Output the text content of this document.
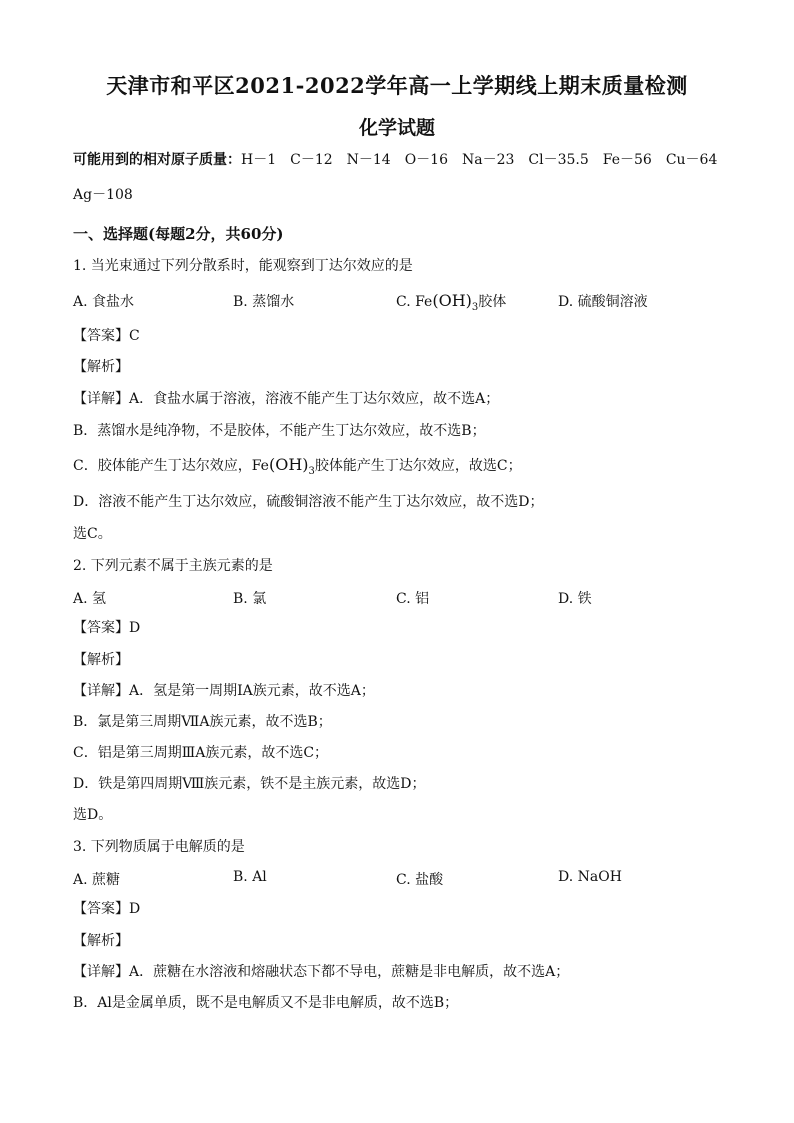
天津市和平区2021-2022学年高一上学期线上期末质量检测
化学试题
可能用到的相对原子质量：H－1　C－12　N－14　O－16　Na－23　Cl－35.5　Fe－56　Cu－64
Ag－108
一、选择题(每题2分，共60分)
1. 当光束通过下列分散系时，能观察到丁达尔效应的是
A. 食盐水	B. 蒸馏水	C. $Fe(OH)_3$胶体	D. 硫酸铜溶液
【答案】C
【解析】
【详解】A．食盐水属于溶液，溶液不能产生丁达尔效应，故不选A；
B．蒸馏水是纯净物，不是胶体，不能产生丁达尔效应，故不选B；
C．胶体能产生丁达尔效应，$Fe(OH)_3$胶体能产生丁达尔效应，故选C；
D．溶液不能产生丁达尔效应，硫酸铜溶液不能产生丁达尔效应，故不选D；
选C。
2. 下列元素不属于主族元素的是
A. 氢	B. 氯	C. 铝	D. 铁
【答案】D
【解析】
【详解】A．氢是第一周期ⅠA族元素，故不选A；
B．氯是第三周期ⅦA族元素，故不选B；
C．铝是第三周期ⅢA族元素，故不选C；
D．铁是第四周期Ⅷ族元素，铁不是主族元素，故选D；
选D。
3. 下列物质属于电解质的是
A. 蔗糖	B. Al	C. 盐酸	D. NaOH
【答案】D
【解析】
【详解】A．蔗糖在水溶液和熔融状态下都不导电，蔗糖是非电解质，故不选A；
B．Al是金属单质，既不是电解质又不是非电解质，故不选B；
